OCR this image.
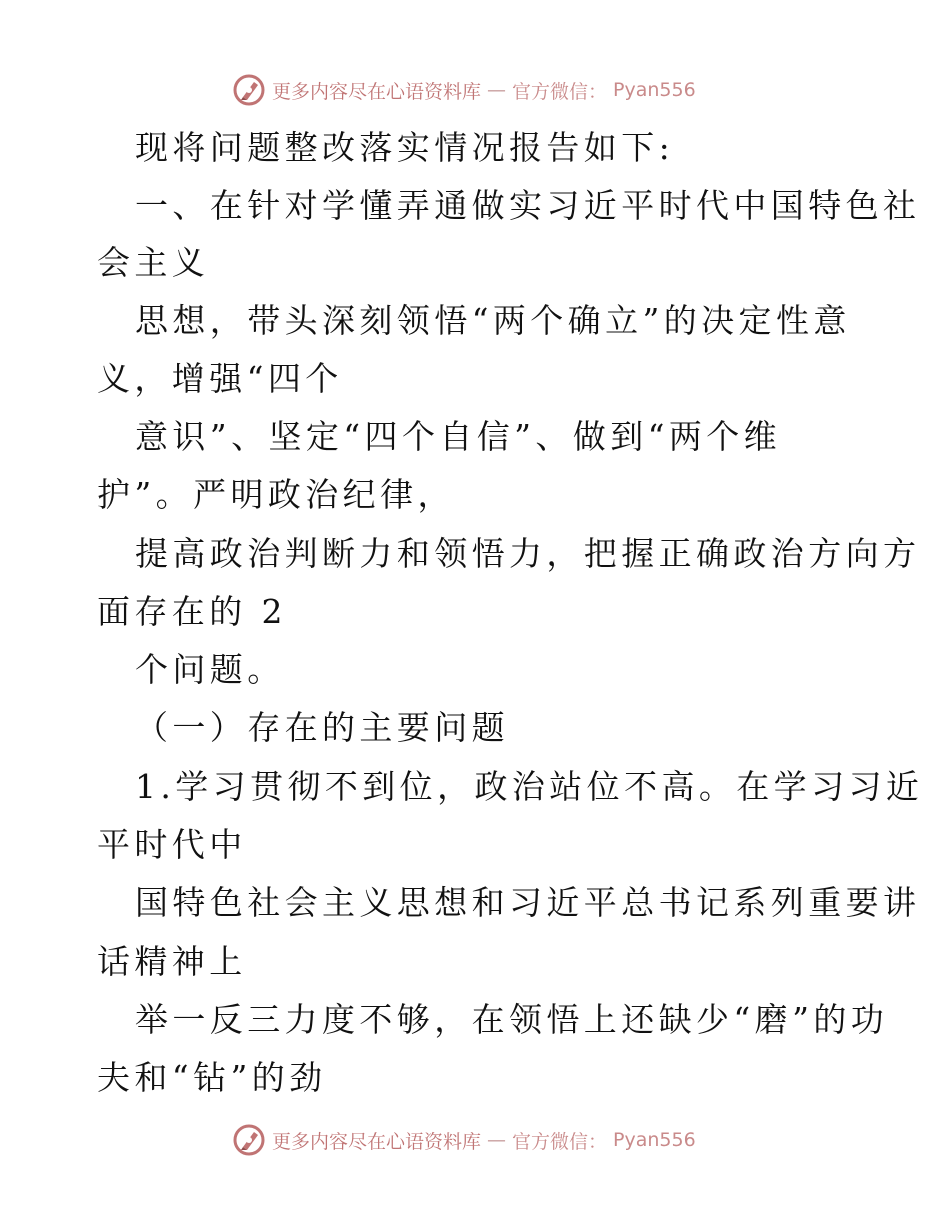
更多内容尽在心语资料库 — 官方微信： Pyan556
现将问题整改落实情况报告如下:
一、在针对学懂弄通做实习近平时代中国特色社
会主义
思想，带头深刻领悟“两个确立”的决定性意
义，增强“四个
意识”、坚定“四个自信”、做到“两个维
护”。严明政治纪律，
提高政治判断力和领悟力，把握正确政治方向方
面存在的 2
个问题。
（一）存在的主要问题
1.学习贯彻不到位，政治站位不高。在学习习近
平时代中
国特色社会主义思想和习近平总书记系列重要讲
话精神上
举一反三力度不够，在领悟上还缺少“磨”的功
夫和“钻”的劲
更多内容尽在心语资料库 — 官方微信： Pyan556
